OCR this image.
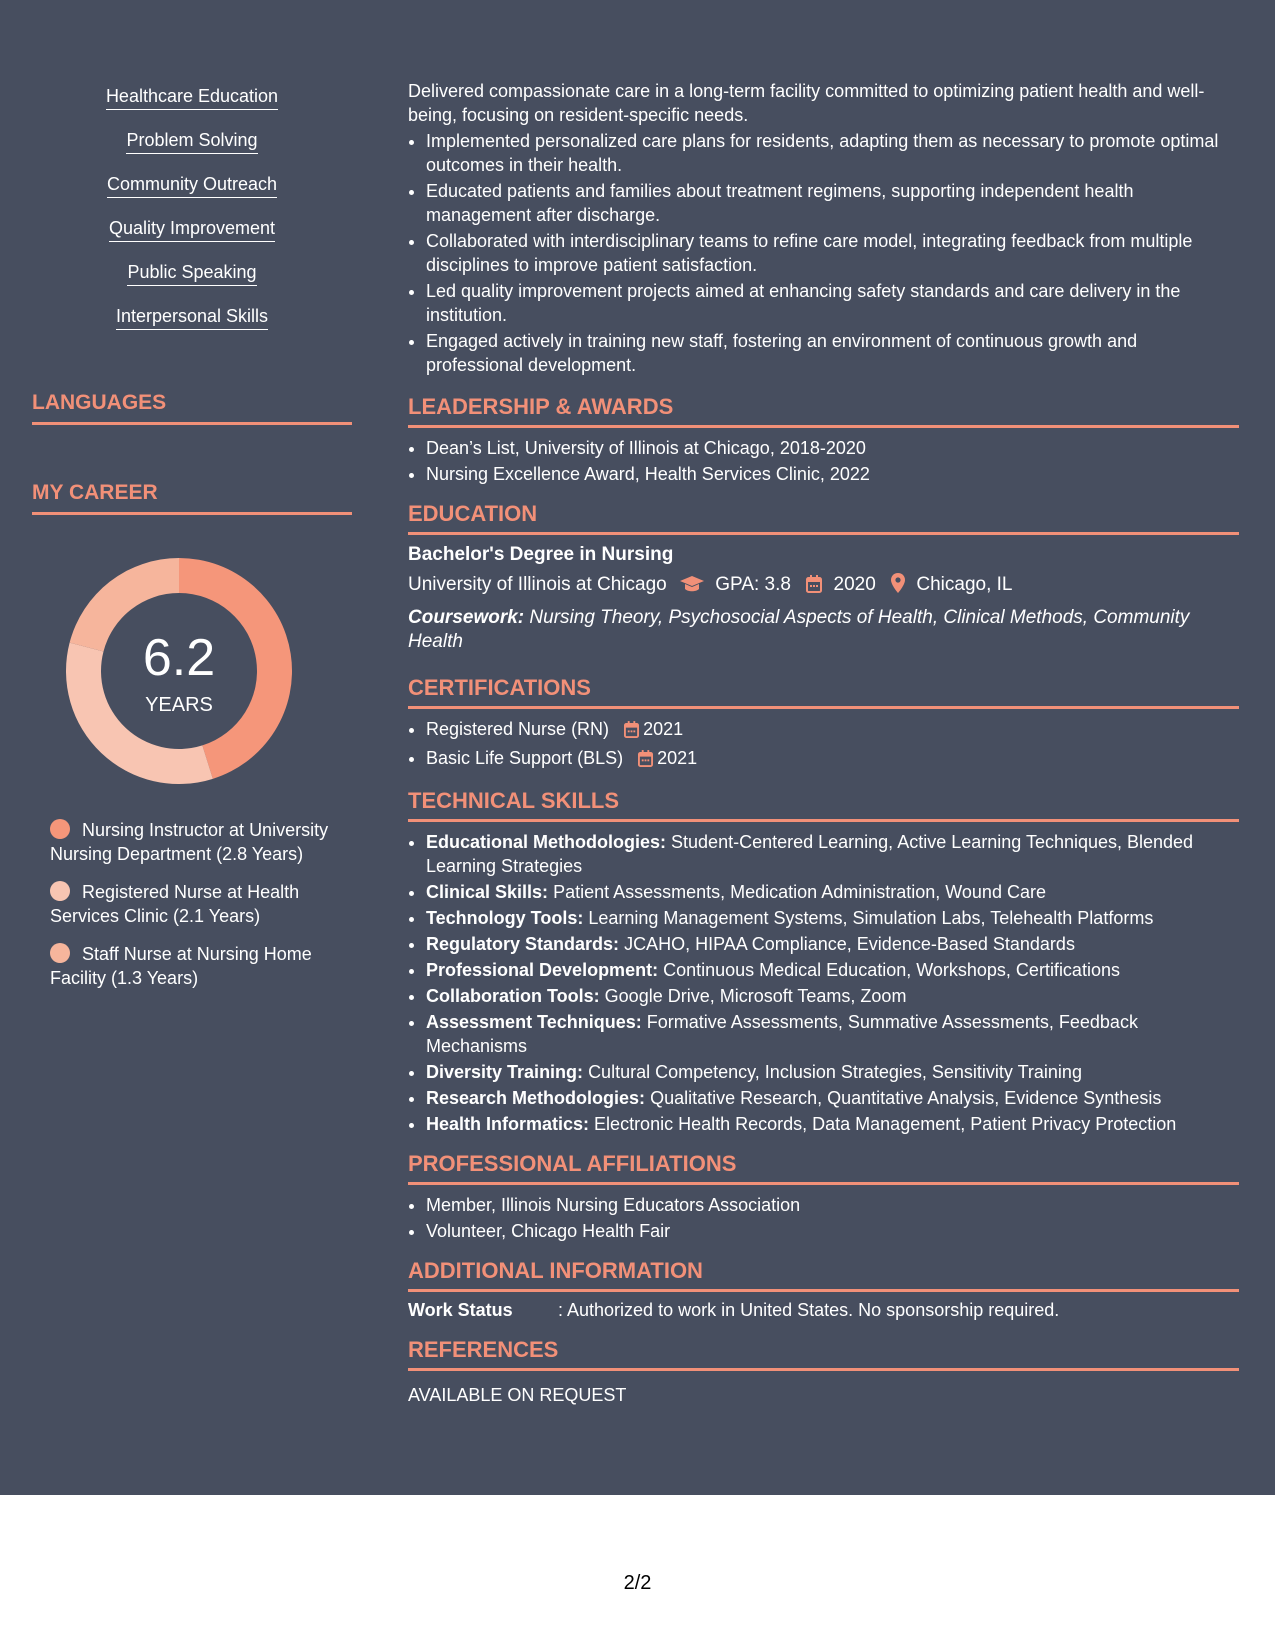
Healthcare Education
Problem Solving
Community Outreach
Quality Improvement
Public Speaking
Interpersonal Skills
LANGUAGES
MY CAREER
6.2
YEARS
Nursing Instructor at University Nursing Department (2.8 Years)
Registered Nurse at Health Services Clinic (2.1 Years)
Staff Nurse at Nursing Home Facility (1.3 Years)
Delivered compassionate care in a long-term facility committed to optimizing patient health and well-being, focusing on resident-specific needs.
• Implemented personalized care plans for residents, adapting them as necessary to promote optimal outcomes in their health.
• Educated patients and families about treatment regimens, supporting independent health management after discharge.
• Collaborated with interdisciplinary teams to refine care model, integrating feedback from multiple disciplines to improve patient satisfaction.
• Led quality improvement projects aimed at enhancing safety standards and care delivery in the institution.
• Engaged actively in training new staff, fostering an environment of continuous growth and professional development.
LEADERSHIP & AWARDS
• Dean’s List, University of Illinois at Chicago, 2018-2020
• Nursing Excellence Award, Health Services Clinic, 2022
EDUCATION
Bachelor's Degree in Nursing
University of Illinois at Chicago	GPA: 3.8 2020 Chicago, IL
Coursework: Nursing Theory, Psychosocial Aspects of Health, Clinical Methods, Community Health
CERTIFICATIONS
• Registered Nurse (RN) 2021
• Basic Life Support (BLS) 2021
TECHNICAL SKILLS
• Educational Methodologies: Student-Centered Learning, Active Learning Techniques, Blended Learning Strategies
• Clinical Skills: Patient Assessments, Medication Administration, Wound Care
• Technology Tools: Learning Management Systems, Simulation Labs, Telehealth Platforms
• Regulatory Standards: JCAHO, HIPAA Compliance, Evidence-Based Standards
• Professional Development: Continuous Medical Education, Workshops, Certifications
• Collaboration Tools: Google Drive, Microsoft Teams, Zoom
• Assessment Techniques: Formative Assessments, Summative Assessments, Feedback Mechanisms
• Diversity Training: Cultural Competency, Inclusion Strategies, Sensitivity Training
• Research Methodologies: Qualitative Research, Quantitative Analysis, Evidence Synthesis
• Health Informatics: Electronic Health Records, Data Management, Patient Privacy Protection
PROFESSIONAL AFFILIATIONS
• Member, Illinois Nursing Educators Association
• Volunteer, Chicago Health Fair
ADDITIONAL INFORMATION
Work Status	: Authorized to work in United States. No sponsorship required.
REFERENCES
AVAILABLE ON REQUEST
2/2
